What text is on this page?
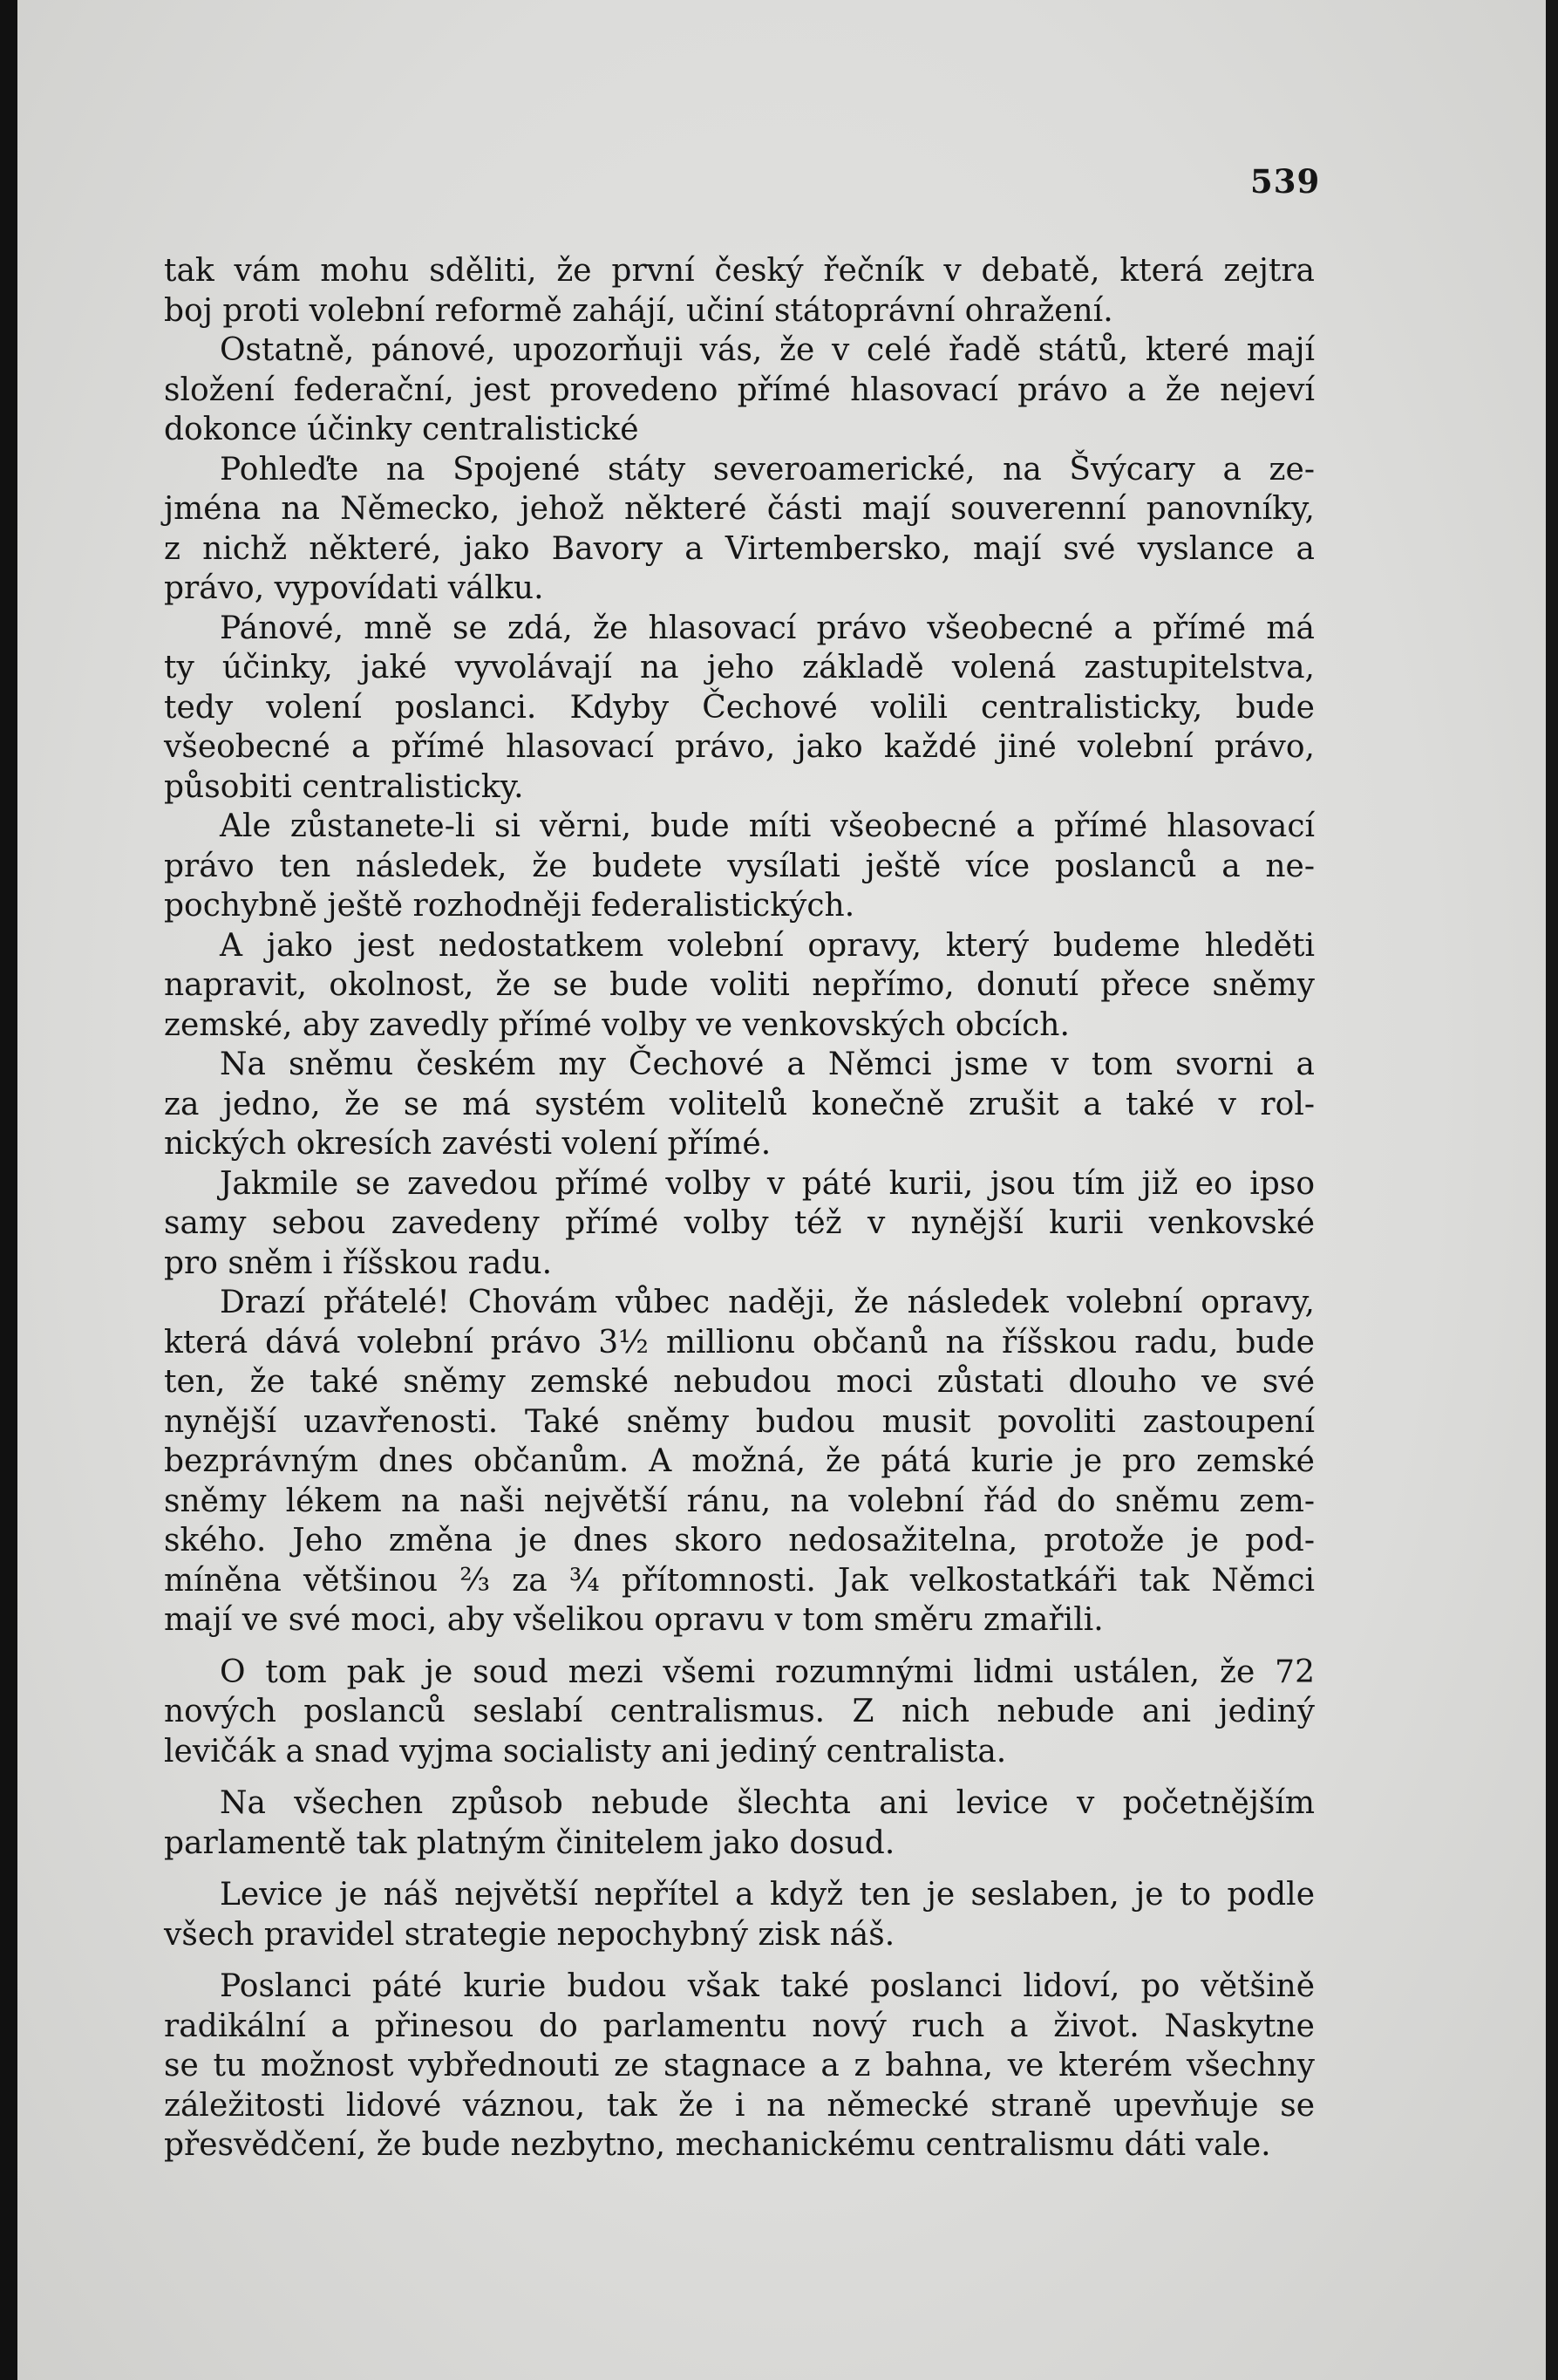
539
tak vám mohu sděliti, že první český řečník v debatě, která zejtra
boj proti volební reformě zahájí, učiní státoprávní ohražení.
Ostatně, pánové, upozorňuji vás, že v celé řadě států, které mají
složení federační, jest provedeno přímé hlasovací právo a že nejeví
dokonce účinky centralistické
Pohleďte na Spojené státy severoamerické, na Švýcary a ze-
jména na Německo, jehož některé části mají souverenní panovníky,
z nichž některé, jako Bavory a Virtembersko, mají své vyslance a
právo, vypovídati válku.
Pánové, mně se zdá, že hlasovací právo všeobecné a přímé má
ty účinky, jaké vyvolávají na jeho základě volená zastupitelstva,
tedy volení poslanci. Kdyby Čechové volili centralisticky, bude
všeobecné a přímé hlasovací právo, jako každé jiné volební právo,
působiti centralisticky.
Ale zůstanete-li si věrni, bude míti všeobecné a přímé hlasovací
právo ten následek, že budete vysílati ještě více poslanců a ne-
pochybně ještě rozhodněji federalistických.
A jako jest nedostatkem volební opravy, který budeme hleděti
napravit, okolnost, že se bude voliti nepřímo, donutí přece sněmy
zemské, aby zavedly přímé volby ve venkovských obcích.
Na sněmu českém my Čechové a Němci jsme v tom svorni a
za jedno, že se má systém volitelů konečně zrušit a také v rol-
nických okresích zavésti volení přímé.
Jakmile se zavedou přímé volby v páté kurii, jsou tím již eo ipso
samy sebou zavedeny přímé volby též v nynější kurii venkovské
pro sněm i říšskou radu.
Drazí přátelé! Chovám vůbec naději, že následek volební opravy,
která dává volební právo 3½ millionu občanů na říšskou radu, bude
ten, že také sněmy zemské nebudou moci zůstati dlouho ve své
nynější uzavřenosti. Také sněmy budou musit povoliti zastoupení
bezprávným dnes občanům. A možná, že pátá kurie je pro zemské
sněmy lékem na naši největší ránu, na volební řád do sněmu zem-
ského. Jeho změna je dnes skoro nedosažitelna, protože je pod-
míněna většinou ⅔ za ¾ přítomnosti. Jak velkostatkáři tak Němci
mají ve své moci, aby všelikou opravu v tom směru zmařili.
O tom pak je soud mezi všemi rozumnými lidmi ustálen, že 72
nových poslanců seslabí centralismus. Z nich nebude ani jediný
levičák a snad vyjma socialisty ani jediný centralista.
Na všechen způsob nebude šlechta ani levice v početnějším
parlamentě tak platným činitelem jako dosud.
Levice je náš největší nepřítel a když ten je seslaben, je to podle
všech pravidel strategie nepochybný zisk náš.
Poslanci páté kurie budou však také poslanci lidoví, po většině
radikální a přinesou do parlamentu nový ruch a život. Naskytne
se tu možnost vybřednouti ze stagnace a z bahna, ve kterém všechny
záležitosti lidové váznou, tak že i na německé straně upevňuje se
přesvědčení, že bude nezbytno, mechanickému centralismu dáti vale.
